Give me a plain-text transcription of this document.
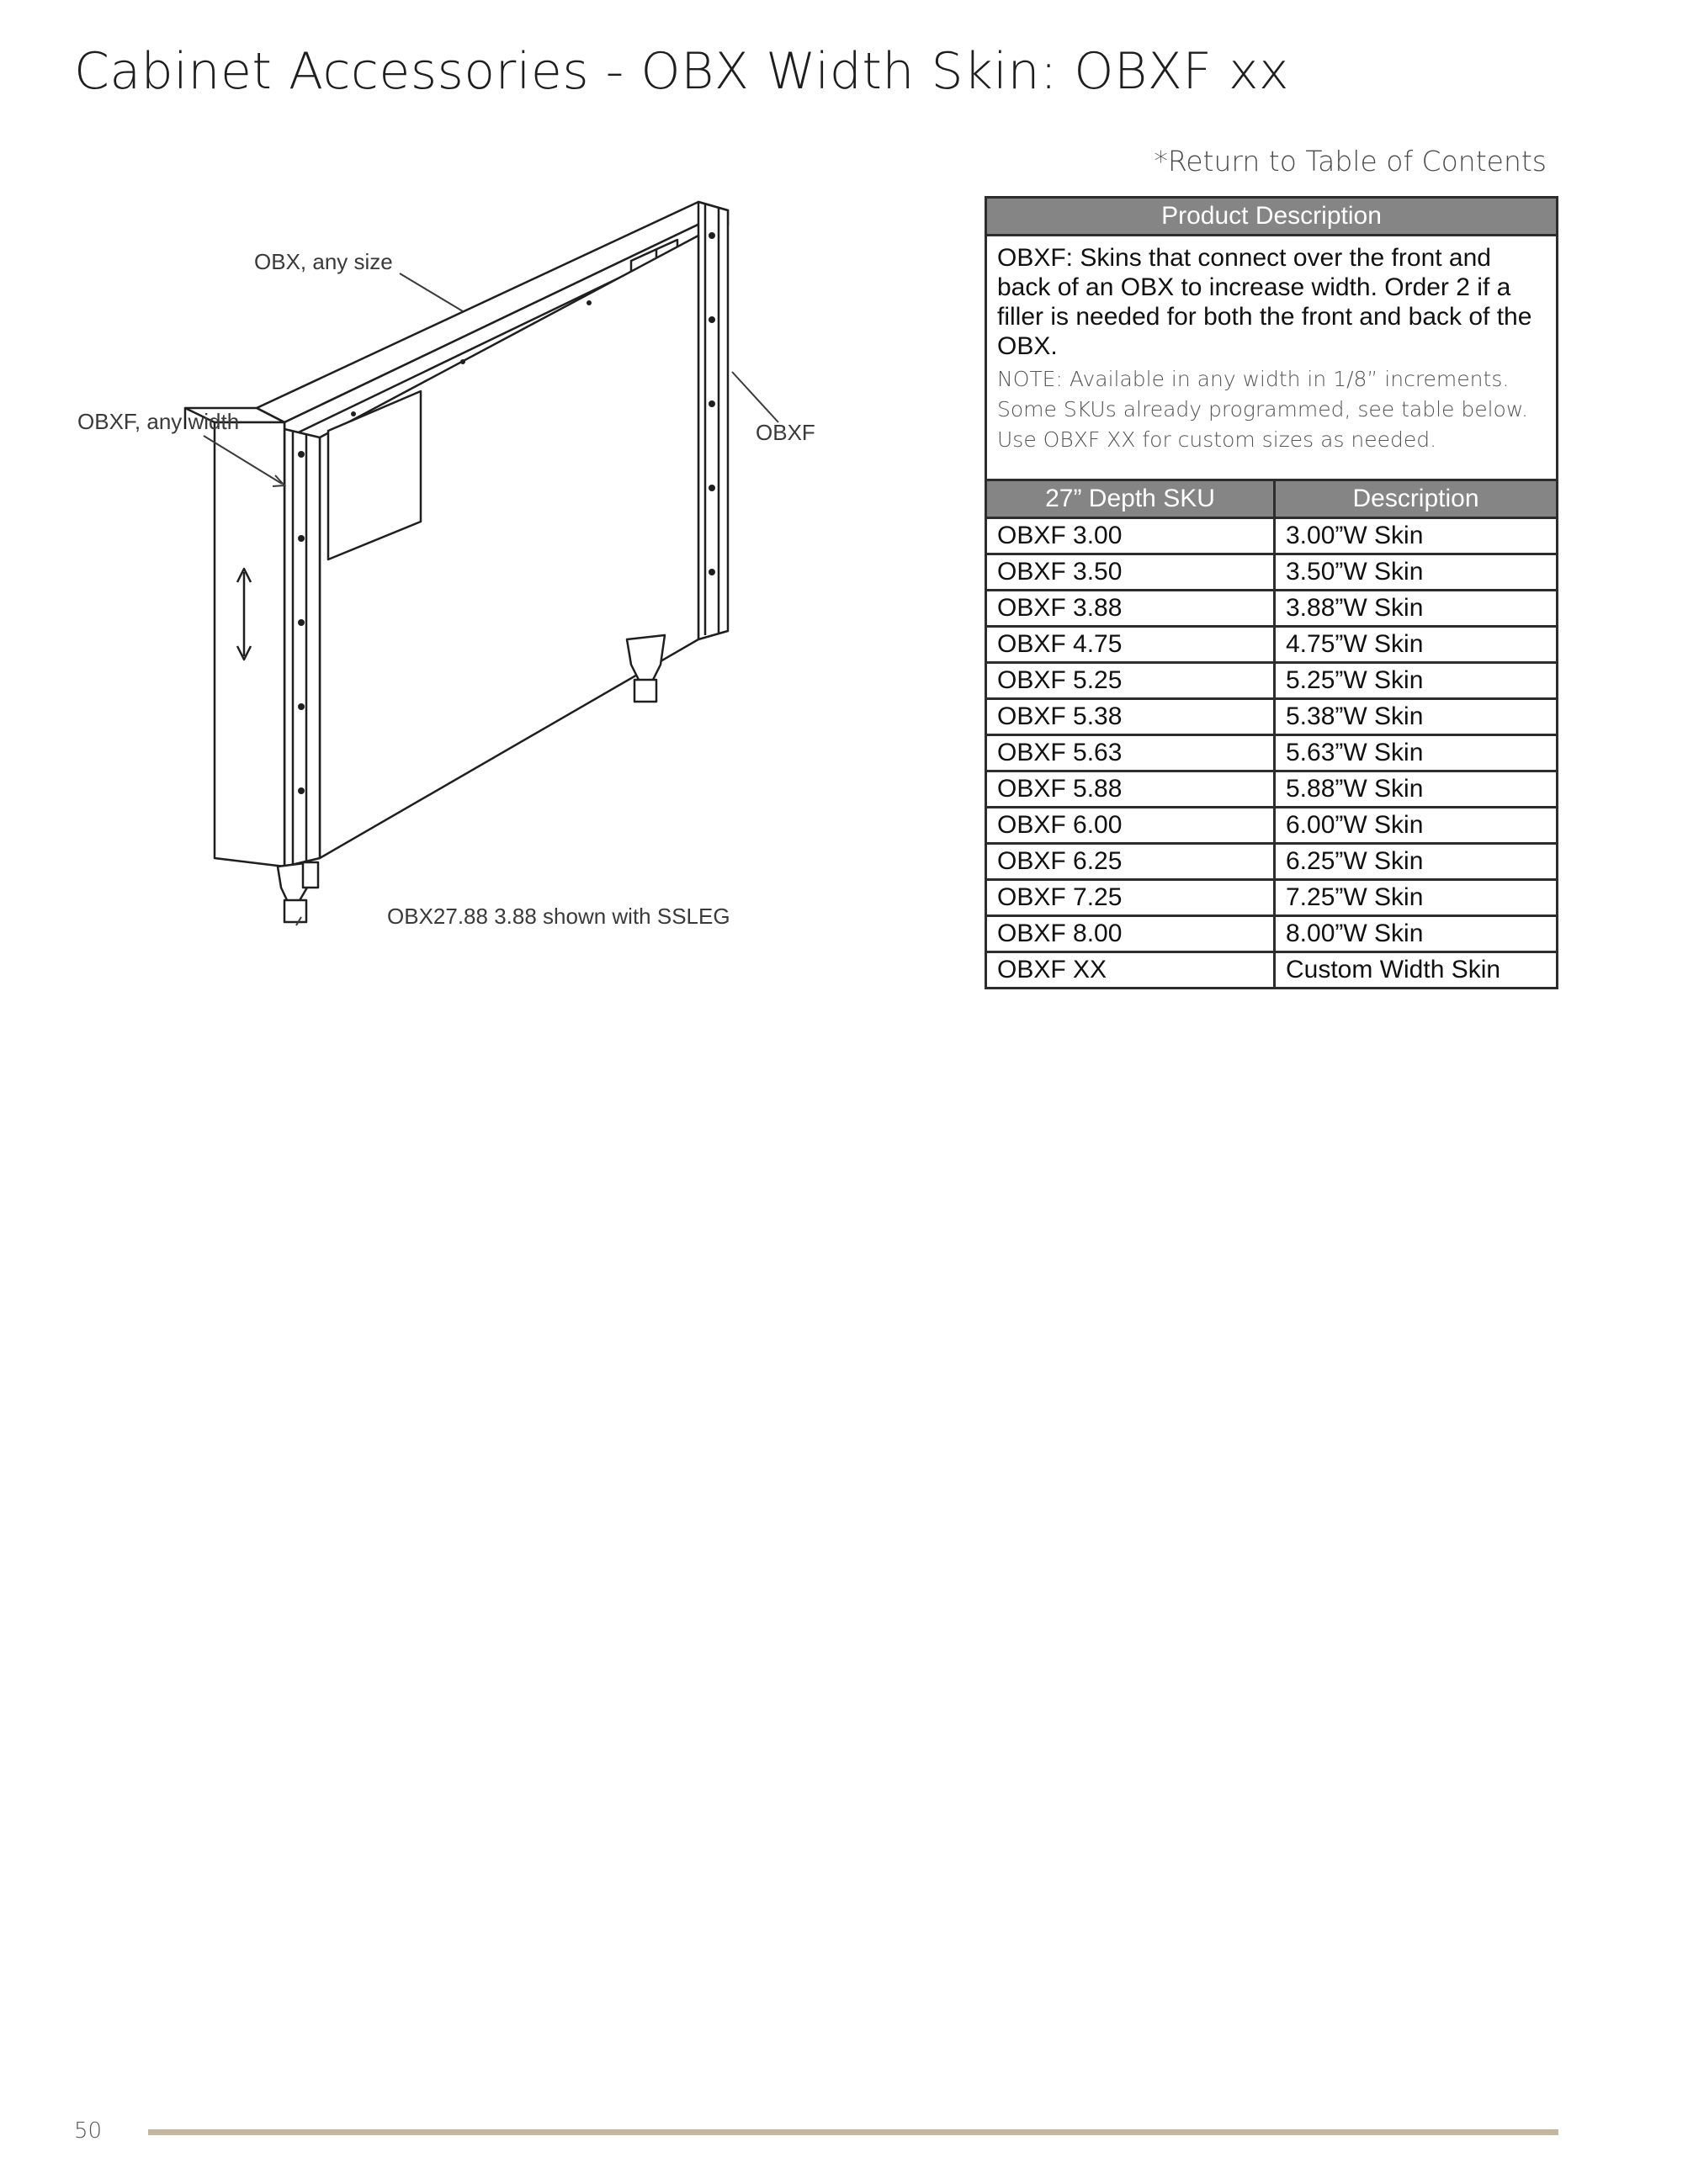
Cabinet Accessories - OBX Width Skin: OBXF xx
*Return to Table of Contents
OBX, any size
OBXF, any width	OBXF
OBX27.88 3.88 shown with SSLEG
Product Description	

OBXF: Skins that connect over the front and back of an OBX to increase width. Order 2 if a filler is needed for both the front and back of the OBX.
NOTE: Available in any width in 1/8” increments. Some SKUs already programmed, see table below. Use OBXF XX for custom sizes as needed.	

27” Depth SKU	Description
OBXF 3.00	3.00”W Skin
OBXF 3.50	3.50”W Skin
OBXF 3.88	3.88”W Skin
OBXF 4.75	4.75”W Skin
OBXF 5.25	5.25”W Skin
OBXF 5.38	5.38”W Skin
OBXF 5.63	5.63”W Skin
OBXF 5.88	5.88”W Skin
OBXF 6.00	6.00”W Skin
OBXF 6.25	6.25”W Skin
OBXF 7.25	7.25”W Skin
OBXF 8.00	8.00”W Skin
OBXF XX	Custom Width Skin
50
